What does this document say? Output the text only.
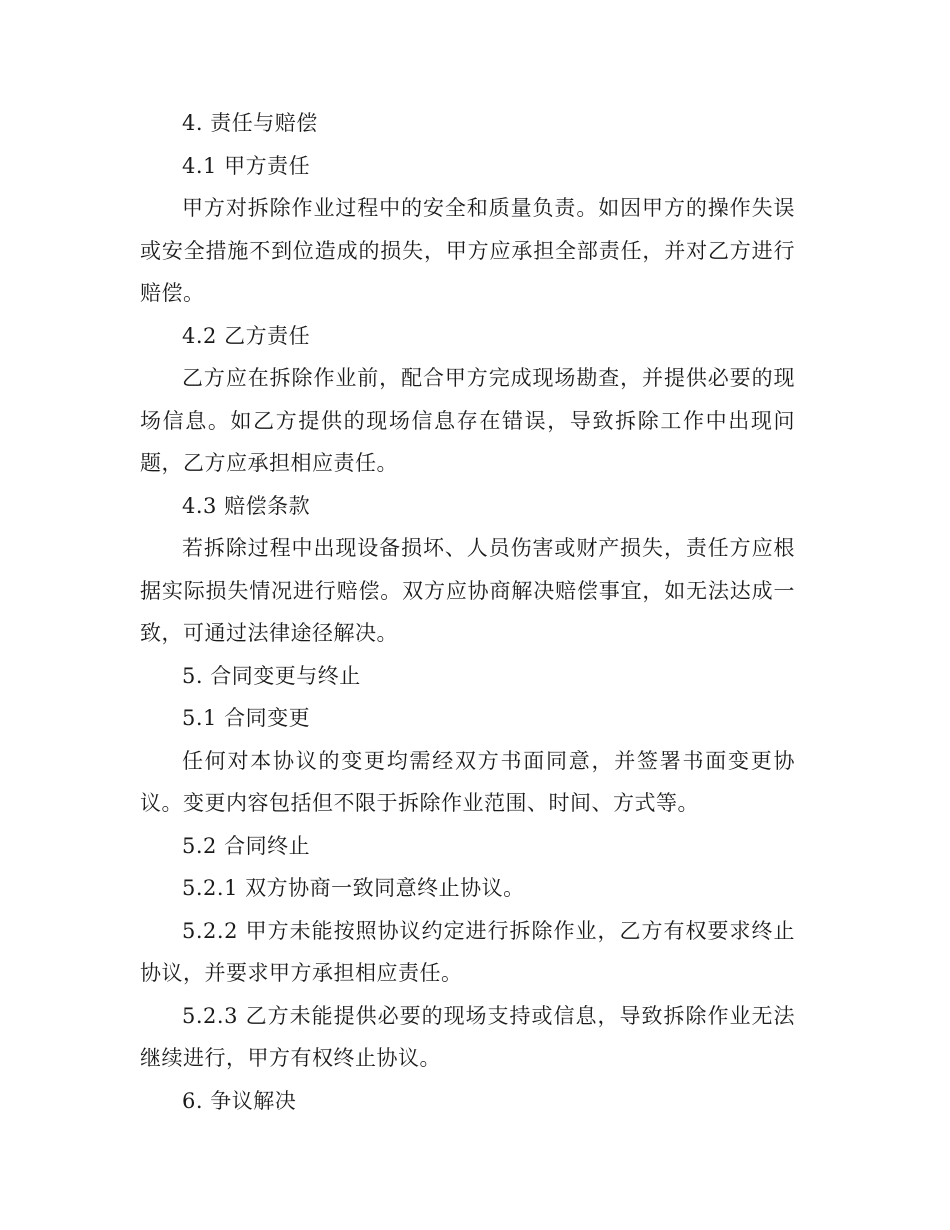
4. 责任与赔偿

4.1 甲方责任

甲方对拆除作业过程中的安全和质量负责。如因甲方的操作失误或安全措施不到位造成的损失，甲方应承担全部责任，并对乙方进行赔偿。

4.2 乙方责任

乙方应在拆除作业前，配合甲方完成现场勘查，并提供必要的现场信息。如乙方提供的现场信息存在错误，导致拆除工作中出现问题，乙方应承担相应责任。

4.3 赔偿条款

若拆除过程中出现设备损坏、人员伤害或财产损失，责任方应根据实际损失情况进行赔偿。双方应协商解决赔偿事宜，如无法达成一致，可通过法律途径解决。

5. 合同变更与终止

5.1 合同变更

任何对本协议的变更均需经双方书面同意，并签署书面变更协议。变更内容包括但不限于拆除作业范围、时间、方式等。

5.2 合同终止

5.2.1 双方协商一致同意终止协议。

5.2.2 甲方未能按照协议约定进行拆除作业，乙方有权要求终止协议，并要求甲方承担相应责任。

5.2.3 乙方未能提供必要的现场支持或信息，导致拆除作业无法继续进行，甲方有权终止协议。

6. 争议解决
